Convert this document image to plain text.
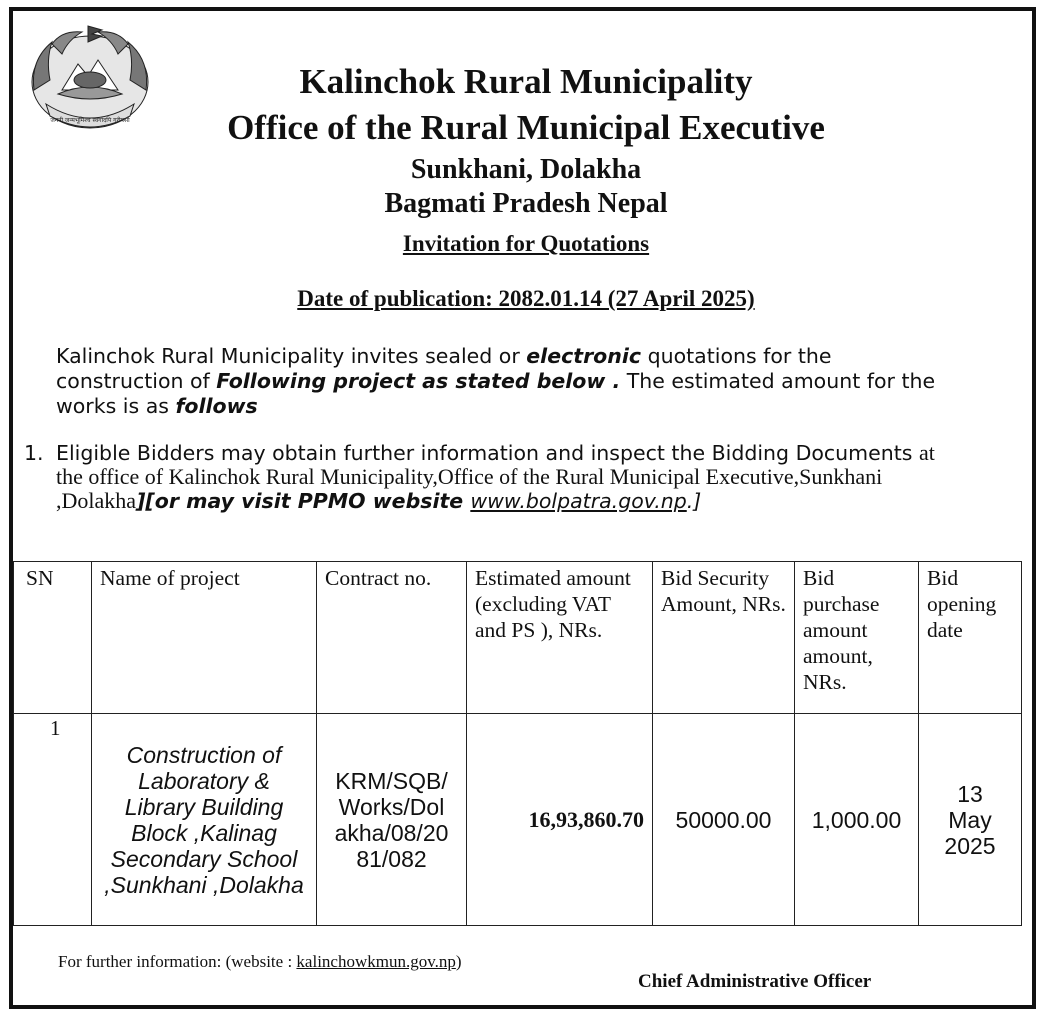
जननी जन्मभूमिश्च स्वर्गादपि गरीयसी
Kalinchok Rural Municipality
Office of the Rural Municipal Executive
Sunkhani, Dolakha
Bagmati Pradesh Nepal
Invitation for Quotations
Date of publication: 2082.01.14 (27 April 2025)
Kalinchok Rural Municipality invites sealed or electronic quotations for the construction of Following project as stated below . The estimated amount for the works is as follows
1. Eligible Bidders may obtain further information and inspect the Bidding Documents at the office of Kalinchok Rural Municipality,Office of the Rural Municipal Executive,Sunkhani ,Dolakha][or may visit PPMO website www.bolpatra.gov.np.]
SN	Name of project	Contract no.	Estimated amount (excluding VAT and PS ), NRs.	Bid Security Amount, NRs.	Bid purchase amount amount, NRs.	Bid opening date
1	Construction of Laboratory & Library Building Block ,Kalinag Secondary School ,Sunkhani ,Dolakha	KRM/SQB/ Works/Dol akha/08/20 81/082	16,93,860.70	50000.00	1,000.00	13 May 2025
For further information: (website : kalinchowkmun.gov.np)
Chief Administrative Officer
